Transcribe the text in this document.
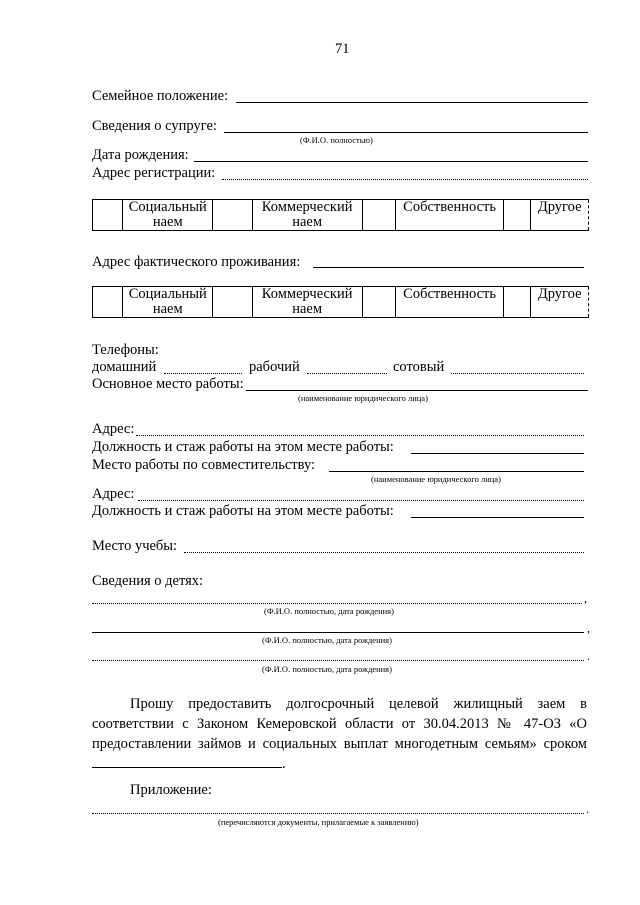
71
Семейное положение:
Сведения о супруге:
(Ф.И.О. полностью)
Дата рождения:
Адрес регистрации:
	Социальный наем		Коммерческий наем		Собственность		Другое
Адрес фактического проживания:
	Социальный наем		Коммерческий наем		Собственность		Другое
Телефоны:
домашний	рабочий	сотовый
Основное место работы:
(наименование юридического лица)
Адрес:
Должность и стаж работы на этом месте работы:
Место работы по совместительству:
(наименование юридического лица)
Адрес:
Должность и стаж работы на этом месте работы:
Место учебы:
Сведения о детях:
,
(Ф.И.О. полностью, дата рождения)
,
(Ф.И.О. полностью, дата рождения)
.
(Ф.И.О. полностью, дата рождения)
Прошу предоставить долгосрочный целевой жилищный заем в соответствии с Законом Кемеровской области от 30.04.2013 № 47-ОЗ «О предоставлении займов и социальных выплат многодетным семьям» сроком .
Приложение:
.
(перечисляются документы, прилагаемые к заявлению)
